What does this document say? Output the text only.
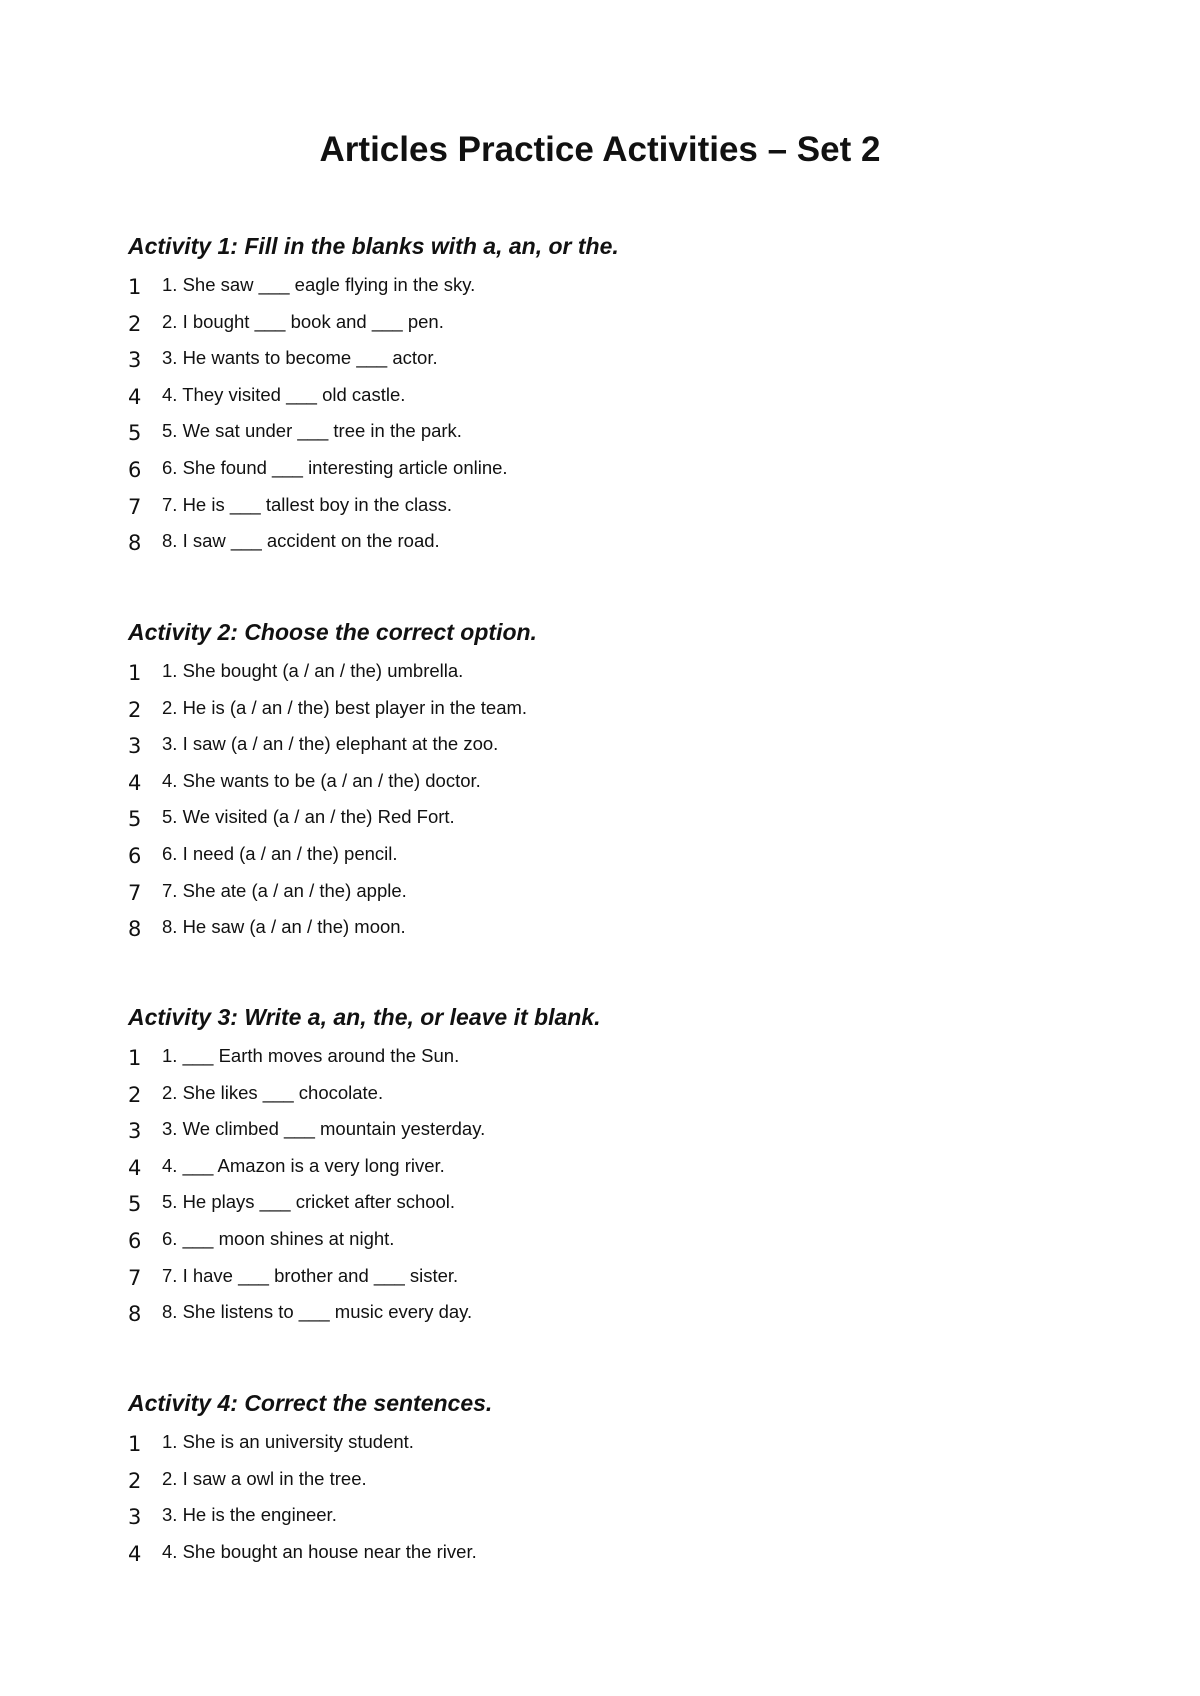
Articles Practice Activities – Set 2
Activity 1: Fill in the blanks with a, an, or the.
1	1. She saw ___ eagle flying in the sky.
2	2. I bought ___ book and ___ pen.
3	3. He wants to become ___ actor.
4	4. They visited ___ old castle.
5	5. We sat under ___ tree in the park.
6	6. She found ___ interesting article online.
7	7. He is ___ tallest boy in the class.
8	8. I saw ___ accident on the road.
Activity 2: Choose the correct option.
1	1. She bought (a / an / the) umbrella.
2	2. He is (a / an / the) best player in the team.
3	3. I saw (a / an / the) elephant at the zoo.
4	4. She wants to be (a / an / the) doctor.
5	5. We visited (a / an / the) Red Fort.
6	6. I need (a / an / the) pencil.
7	7. She ate (a / an / the) apple.
8	8. He saw (a / an / the) moon.
Activity 3: Write a, an, the, or leave it blank.
1	1. ___ Earth moves around the Sun.
2	2. She likes ___ chocolate.
3	3. We climbed ___ mountain yesterday.
4	4. ___ Amazon is a very long river.
5	5. He plays ___ cricket after school.
6	6. ___ moon shines at night.
7	7. I have ___ brother and ___ sister.
8	8. She listens to ___ music every day.
Activity 4: Correct the sentences.
1	1. She is an university student.
2	2. I saw a owl in the tree.
3	3. He is the engineer.
4	4. She bought an house near the river.
